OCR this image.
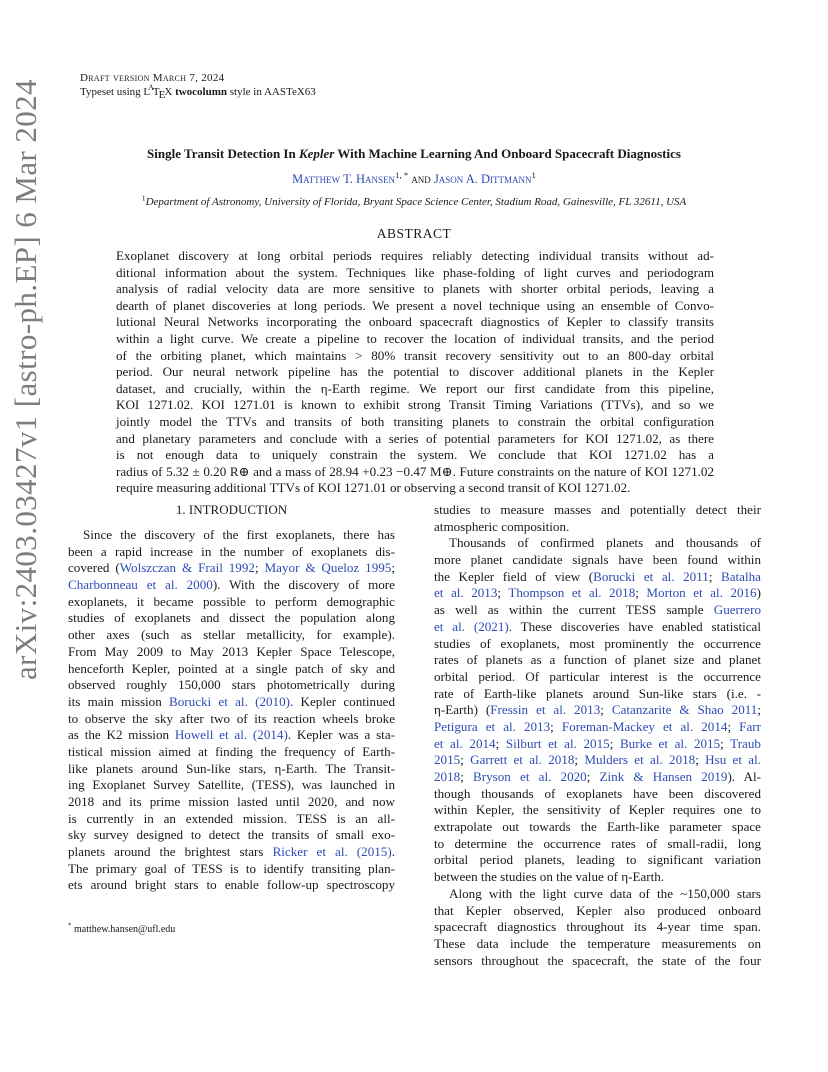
Draft version March 7, 2024
Typeset using $L^AT_EX$ twocolumn style in AASTeX63
arXiv:2403.03427v1 [astro-ph.EP] 6 Mar 2024	Single Transit Detection In Kepler With Machine Learning And Onboard Spacecraft Diagnostics
Matthew T. Hansen$^{1, *}$ and Jason A. Dittmann$^1$
$^1$Department of Astronomy, University of Florida, Bryant Space Science Center, Stadium Road, Gainesville, FL 32611, USA
ABSTRACT
Exoplanet discovery at long orbital periods requires reliably detecting individual transits without ad-
ditional information about the system. Techniques like phase-folding of light curves and periodogram
analysis of radial velocity data are more sensitive to planets with shorter orbital periods, leaving a
dearth of planet discoveries at long periods. We present a novel technique using an ensemble of Convo-
lutional Neural Networks incorporating the onboard spacecraft diagnostics of Kepler to classify transits
within a light curve. We create a pipeline to recover the location of individual transits, and the period
of the orbiting planet, which maintains > 80% transit recovery sensitivity out to an 800-day orbital
period. Our neural network pipeline has the potential to discover additional planets in the Kepler
dataset, and crucially, within the η-Earth regime. We report our first candidate from this pipeline,
KOI 1271.02. KOI 1271.01 is known to exhibit strong Transit Timing Variations (TTVs), and so we
jointly model the TTVs and transits of both transiting planets to constrain the orbital configuration
and planetary parameters and conclude with a series of potential parameters for KOI 1271.02, as there
is not enough data to uniquely constrain the system. We conclude that KOI 1271.02 has a
radius of 5.32 ± 0.20 R⊕ and a mass of 28.94 +0.23 −0.47 M⊕. Future constraints on the nature of KOI 1271.02
require measuring additional TTVs of KOI 1271.01 or observing a second transit of KOI 1271.02.
1. INTRODUCTION
Since the discovery of the first exoplanets, there has
been a rapid increase in the number of exoplanets dis-
covered (Wolszczan & Frail 1992; Mayor & Queloz 1995;
Charbonneau et al. 2000). With the discovery of more
exoplanets, it became possible to perform demographic
studies of exoplanets and dissect the population along
other axes (such as stellar metallicity, for example).
From May 2009 to May 2013 Kepler Space Telescope,
henceforth Kepler, pointed at a single patch of sky and
observed roughly 150,000 stars photometrically during
its main mission Borucki et al. (2010). Kepler continued
to observe the sky after two of its reaction wheels broke
as the K2 mission Howell et al. (2014). Kepler was a sta-
tistical mission aimed at finding the frequency of Earth-
like planets around Sun-like stars, η-Earth. The Transit-
ing Exoplanet Survey Satellite, (TESS), was launched in
2018 and its prime mission lasted until 2020, and now
is currently in an extended mission. TESS is an all-
sky survey designed to detect the transits of small exo-
planets around the brightest stars Ricker et al. (2015).
The primary goal of TESS is to identify transiting plan-
ets around bright stars to enable follow-up spectroscopy
studies to measure masses and potentially detect their
atmospheric composition.
Thousands of confirmed planets and thousands of
more planet candidate signals have been found within
the Kepler field of view (Borucki et al. 2011; Batalha
et al. 2013; Thompson et al. 2018; Morton et al. 2016)
as well as within the current TESS sample Guerrero
et al. (2021). These discoveries have enabled statistical
studies of exoplanets, most prominently the occurrence
rates of planets as a function of planet size and planet
orbital period. Of particular interest is the occurrence
rate of Earth-like planets around Sun-like stars (i.e. -
η-Earth) (Fressin et al. 2013; Catanzarite & Shao 2011;
Petigura et al. 2013; Foreman-Mackey et al. 2014; Farr
et al. 2014; Silburt et al. 2015; Burke et al. 2015; Traub
2015; Garrett et al. 2018; Mulders et al. 2018; Hsu et al.
2018; Bryson et al. 2020; Zink & Hansen 2019). Al-
though thousands of exoplanets have been discovered
within Kepler, the sensitivity of Kepler requires one to
extrapolate out towards the Earth-like parameter space
to determine the occurrence rates of small-radii, long
orbital period planets, leading to significant variation
between the studies on the value of η-Earth.
Along with the light curve data of the ~150,000 stars
that Kepler observed, Kepler also produced onboard
spacecraft diagnostics throughout its 4-year time span.
These data include the temperature measurements on
sensors throughout the spacecraft, the state of the four
* matthew.hansen@ufl.edu
